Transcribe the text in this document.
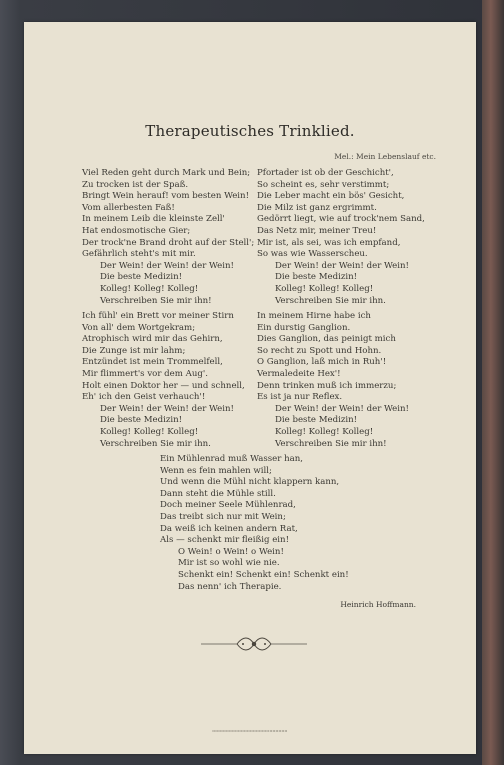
Therapeutisches Trinklied.
Mel.: Mein Lebenslauf etc.
Viel Reden geht durch Mark und Bein;
Zu trocken ist der Spaß.
Bringt Wein herauf! vom besten Wein!
Vom allerbesten Faß!
In meinem Leib die kleinste Zell'
Hat endosmotische Gier;
Der trock'ne Brand droht auf der Stell';
Gefährlich steht's mit mir.
Der Wein! der Wein! der Wein!
Die beste Medizin!
Kolleg! Kolleg! Kolleg!
Verschreiben Sie mir ihn!
Pfortader ist ob der Geschicht',
So scheint es, sehr verstimmt;
Die Leber macht ein bös' Gesicht,
Die Milz ist ganz ergrimmt.
Gedörrt liegt, wie auf trock'nem Sand,
Das Netz mir, meiner Treu!
Mir ist, als sei, was ich empfand,
So was wie Wasserscheu.
Der Wein! der Wein! der Wein!
Die beste Medizin!
Kolleg! Kolleg! Kolleg!
Verschreiben Sie mir ihn.
Ich fühl' ein Brett vor meiner Stirn
Von all' dem Wortgekram;
Atrophisch wird mir das Gehirn,
Die Zunge ist mir lahm;
Entzündet ist mein Trommelfell,
Mir flimmert's vor dem Aug'.
Holt einen Doktor her — und schnell,
Eh' ich den Geist verhauch'!
Der Wein! der Wein! der Wein!
Die beste Medizin!
Kolleg! Kolleg! Kolleg!
Verschreiben Sie mir ihn.
In meinem Hirne habe ich
Ein durstig Ganglion.
Dies Ganglion, das peinigt mich
So recht zu Spott und Hohn.
O Ganglion, laß mich in Ruh'!
Vermaledeite Hex'!
Denn trinken muß ich immerzu;
Es ist ja nur Reflex.
Der Wein! der Wein! der Wein!
Die beste Medizin!
Kolleg! Kolleg! Kolleg!
Verschreiben Sie mir ihn!
Ein Mühlenrad muß Wasser han,
Wenn es fein mahlen will;
Und wenn die Mühl nicht klappern kann,
Dann steht die Mühle still.
Doch meiner Seele Mühlenrad,
Das treibt sich nur mit Wein;
Da weiß ich keinen andern Rat,
Als — schenkt mir fleißig ein!
O Wein! o Wein! o Wein!
Mir ist so wohl wie nie.
Schenkt ein! Schenkt ein! Schenkt ein!
Das nenn' ich Therapie.
Heinrich Hoffmann.
▫▫▫▫▫▫▫▫▫▫▫▫▫▫▫▫▫▫▫▫▫▫▫▫▫
